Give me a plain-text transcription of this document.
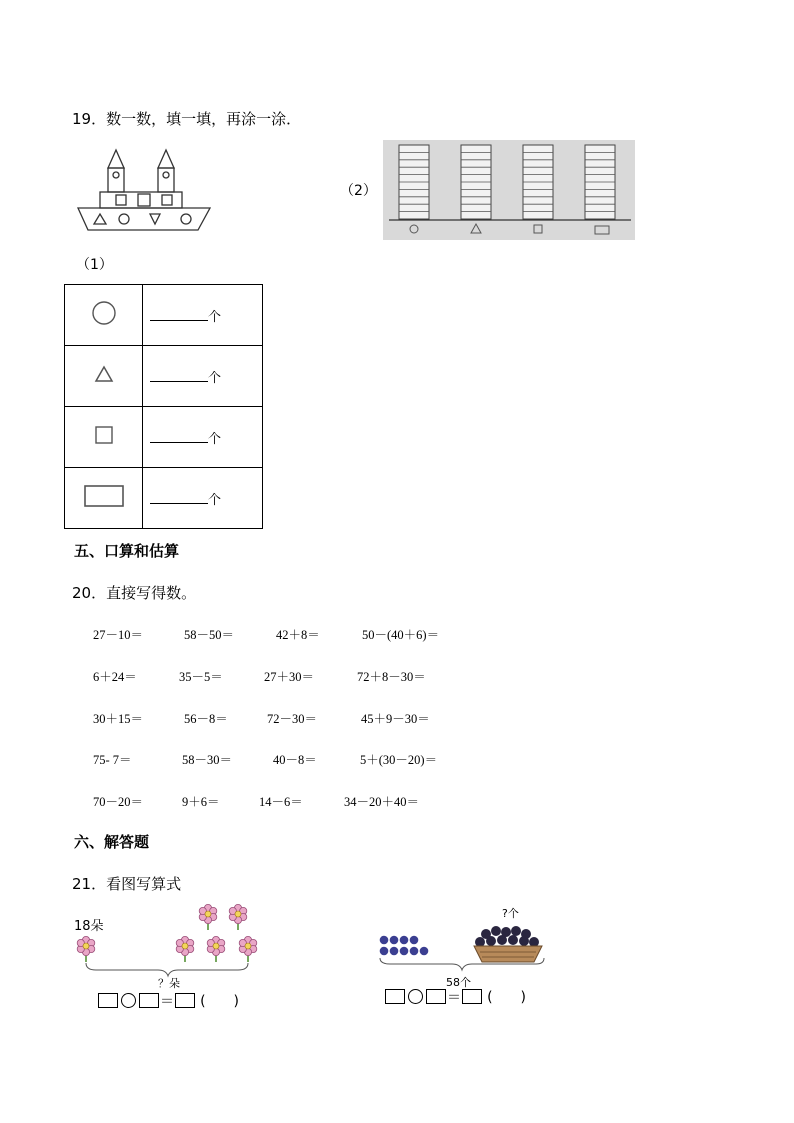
19．数一数，填一填，再涂一涂．
（2）
（1）
	个
	个
	个
	个
五、口算和估算
20．直接写得数。
27－10＝	58－50＝	42＋8＝	50－(40＋6)＝
6＋24＝	35－5＝	27＋30＝	72＋8－30＝
30＋15＝	56－8＝	72－30＝	45＋9－30＝
75- 7＝	58－30＝	40－8＝	5＋(30－20)＝
70－20＝	9＋6＝	14－6＝	34－20＋40＝
六、解答题
21．看图写算式
18朵
？朵
＝ (　　)
?个
58个
＝ (　　)
